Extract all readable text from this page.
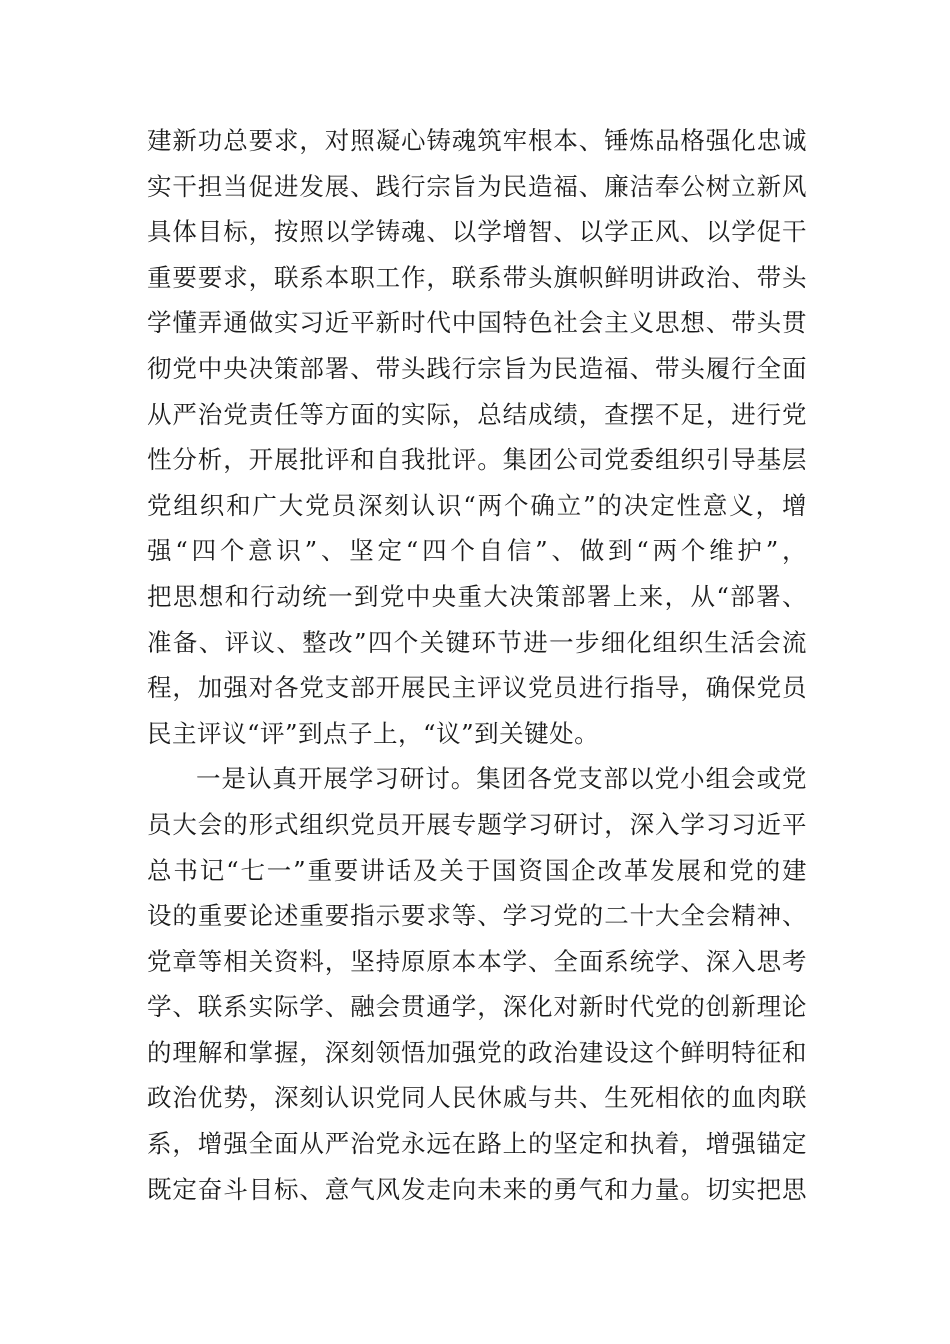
建新功总要求，对照凝心铸魂筑牢根本、锤炼品格强化忠诚
实干担当促进发展、践行宗旨为民造福、廉洁奉公树立新风
具体目标，按照以学铸魂、以学增智、以学正风、以学促干
重要要求，联系本职工作，联系带头旗帜鲜明讲政治、带头
学懂弄通做实习近平新时代中国特色社会主义思想、带头贯
彻党中央决策部署、带头践行宗旨为民造福、带头履行全面
从严治党责任等方面的实际，总结成绩，查摆不足，进行党
性分析，开展批评和自我批评。集团公司党委组织引导基层
党组织和广大党员深刻认识“两个确立”的决定性意义，增
强“四个意识”、坚定“四个自信”、做到“两个维护”，
把思想和行动统一到党中央重大决策部署上来，从“部署、
准备、评议、整改”四个关键环节进一步细化组织生活会流
程，加强对各党支部开展民主评议党员进行指导，确保党员
民主评议“评”到点子上，“议”到关键处。
一是认真开展学习研讨。集团各党支部以党小组会或党
员大会的形式组织党员开展专题学习研讨，深入学习习近平
总书记“七一”重要讲话及关于国资国企改革发展和党的建
设的重要论述重要指示要求等、学习党的二十大全会精神、
党章等相关资料，坚持原原本本学、全面系统学、深入思考
学、联系实际学、融会贯通学，深化对新时代党的创新理论
的理解和掌握，深刻领悟加强党的政治建设这个鲜明特征和
政治优势，深刻认识党同人民休戚与共、生死相依的血肉联
系，增强全面从严治党永远在路上的坚定和执着，增强锚定
既定奋斗目标、意气风发走向未来的勇气和力量。切实把思
